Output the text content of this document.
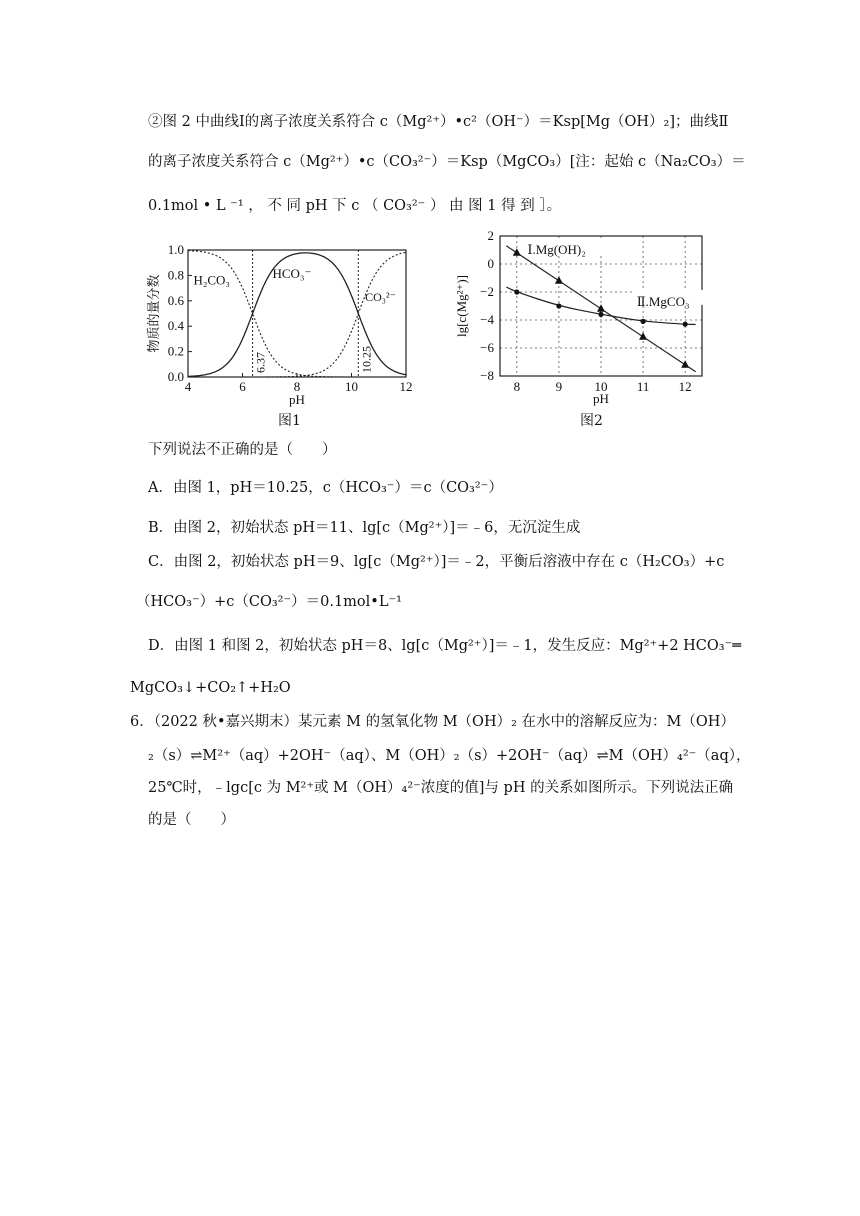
②图 2 中曲线Ⅰ的离子浓度关系符合 c（Mg²⁺）•c²（OH⁻）＝Ksp[Mg（OH）₂]；曲线Ⅱ
的离子浓度关系符合 c（Mg²⁺）•c（CO₃²⁻）＝Ksp（MgCO₃）[注：起始 c（Na₂CO₃）＝
0.1mol • L ⁻¹ ， 不 同 pH 下 c （ CO₃²⁻ ） 由 图 1 得 到 ］。
4	6	8	10	12
0.0
0.2
0.4
0.6
0.8
1.0
pH
物质的量分数
6.37	10.25
H₂CO₃	HCO₃⁻
CO₃²⁻
图1
8	9 10 11 12
2
0
−2
−4
−6
−8
pH
lg[c(Mg²⁺)]
Ⅰ.Mg(OH)₂
Ⅱ.MgCO₃
图2
下列说法不正确的是（　　）
A．由图 1，pH＝10.25，c（HCO₃⁻）＝c（CO₃²⁻）
B．由图 2，初始状态 pH＝11、lg[c（Mg²⁺）]＝﹣6，无沉淀生成
C．由图 2，初始状态 pH＝9、lg[c（Mg²⁺）]＝﹣2，平衡后溶液中存在 c（H₂CO₃）+c
（HCO₃⁻）+c（CO₃²⁻）＝0.1mol•L⁻¹
D．由图 1 和图 2，初始状态 pH＝8、lg[c（Mg²⁺）]＝﹣1，发生反应：Mg²⁺+2 HCO₃⁻═
MgCO₃↓+CO₂↑+H₂O
6．（2022 秋•嘉兴期末）某元素 M 的氢氧化物 M（OH）₂ 在水中的溶解反应为：M（OH）
₂（s）⇌M²⁺（aq）+2OH⁻（aq）、M（OH）₂（s）+2OH⁻（aq）⇌M（OH）₄²⁻（aq），
25℃时，﹣lgc[c 为 M²⁺或 M（OH）₄²⁻浓度的值]与 pH 的关系如图所示。下列说法正确
的是（　　）
